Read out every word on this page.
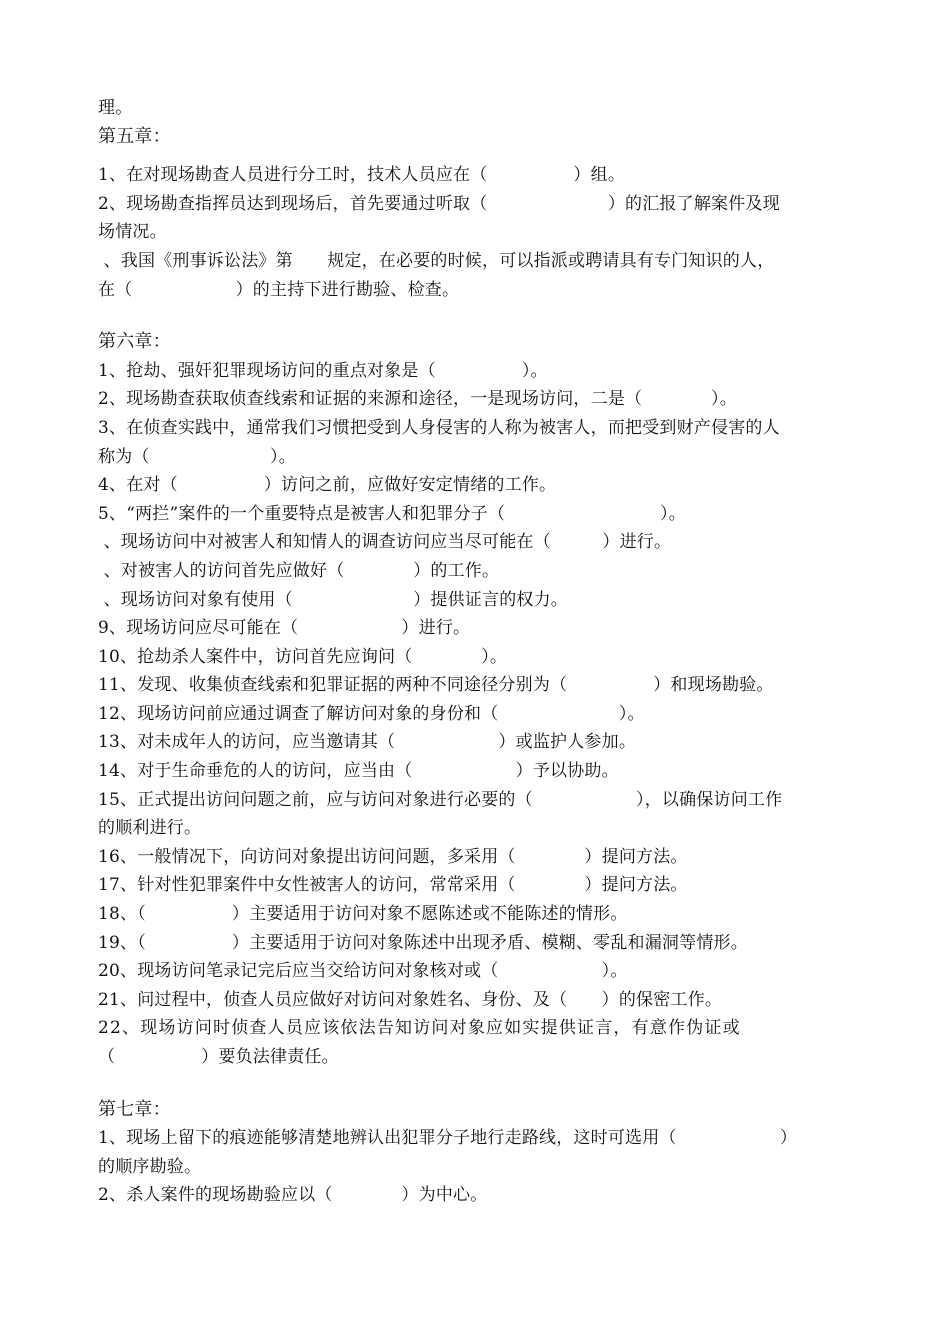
理。
第五章：
1、在对现场勘查人员进行分工时，技术人员应在（　　　　　）组。
2、现场勘查指挥员达到现场后，首先要通过听取（　　　　　　　）的汇报了解案件及现
场情况。
、我国《刑事诉讼法》第　　规定，在必要的时候，可以指派或聘请具有专门知识的人，
在（　　　　　　）的主持下进行勘验、检查。
第六章：
1、抢劫、强奸犯罪现场访问的重点对象是（　　　　　）。
2、现场勘查获取侦查线索和证据的来源和途径，一是现场访问，二是（　　　　）。
3、在侦查实践中，通常我们习惯把受到人身侵害的人称为被害人，而把受到财产侵害的人
称为（　　　　　　　）。
4、在对（　　　　　）访问之前，应做好安定情绪的工作。
5、“两拦”案件的一个重要特点是被害人和犯罪分子（　　　　　　　　　）。
、现场访问中对被害人和知情人的调查访问应当尽可能在（　　　）进行。
、对被害人的访问首先应做好（　　　　）的工作。
、现场访问对象有使用（　　　　　　　）提供证言的权力。
9、现场访问应尽可能在（　　　　　　）进行。
10、抢劫杀人案件中，访问首先应询问（　　　　）。
11、发现、收集侦查线索和犯罪证据的两种不同途径分别为（　　　　　）和现场勘验。
12、现场访问前应通过调查了解访问对象的身份和（　　　　　　　）。
13、对未成年人的访问，应当邀请其（　　　　　　）或监护人参加。
14、对于生命垂危的人的访问，应当由（　　　　　　）予以协助。
15、正式提出访问问题之前，应与访问对象进行必要的（　　　　　　），以确保访问工作
的顺利进行。
16、一般情况下，向访问对象提出访问问题，多采用（　　　　）提问方法。
17、针对性犯罪案件中女性被害人的访问，常常采用（　　　　）提问方法。
18、（　　　　　）主要适用于访问对象不愿陈述或不能陈述的情形。
19、（　　　　　）主要适用于访问对象陈述中出现矛盾、模糊、零乱和漏洞等情形。
20、现场访问笔录记完后应当交给访问对象核对或（　　　　　　）。
21、问过程中，侦查人员应做好对访问对象姓名、身份、及（　　）的保密工作。
22、现场访问时侦查人员应该依法告知访问对象应如实提供证言，有意作伪证或
（　　　　　）要负法律责任。
第七章：
1、现场上留下的痕迹能够清楚地辨认出犯罪分子地行走路线，这时可选用（　　　　　　）
的顺序勘验。
2、杀人案件的现场勘验应以（　　　　）为中心。
